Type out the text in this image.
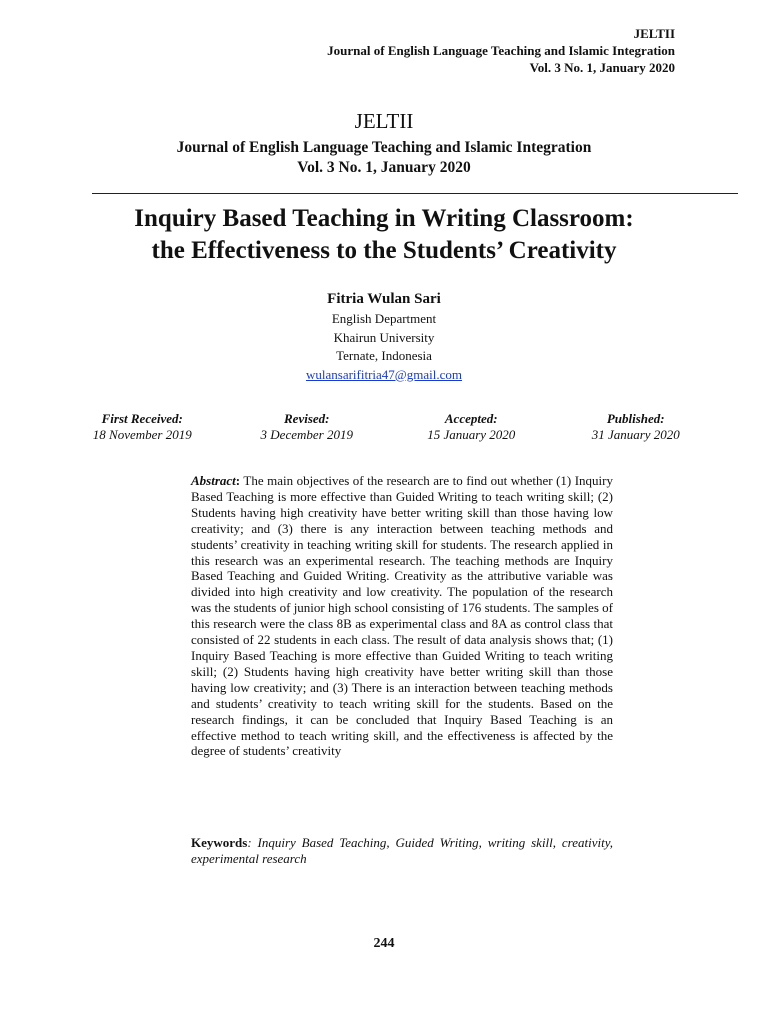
JELTII
Journal of English Language Teaching and Islamic Integration
Vol. 3 No. 1, January 2020
JELTII
Journal of English Language Teaching and Islamic Integration
Vol. 3 No. 1, January 2020
Inquiry Based Teaching in Writing Classroom:
the Effectiveness to the Students’ Creativity
Fitria Wulan Sari
English Department
Khairun University
Ternate, Indonesia
wulansarifitria47@gmail.com
First Received:
18 November 2019
Revised:
3 December 2019
Accepted:
15 January 2020
Published:
31 January 2020
Abstract: The main objectives of the research are to find out whether (1) Inquiry Based Teaching is more effective than Guided Writing to teach writing skill; (2) Students having high creativity have better writing skill than those having low creativity; and (3) there is any interaction between teaching methods and students’ creativity in teaching writing skill for students. The research applied in this research was an experimental research. The teaching methods are Inquiry Based Teaching and Guided Writing. Creativity as the attributive variable was divided into high creativity and low creativity. The population of the research was the students of junior high school consisting of 176 students. The samples of this research were the class 8B as experimental class and 8A as control class that consisted of 22 students in each class. The result of data analysis shows that; (1) Inquiry Based Teaching is more effective than Guided Writing to teach writing skill; (2) Students having high creativity have better writing skill than those having low creativity; and (3) There is an interaction between teaching methods and students’ creativity to teach writing skill for the students. Based on the research findings, it can be concluded that Inquiry Based Teaching is an effective method to teach writing skill, and the effectiveness is affected by the degree of students’ creativity
Keywords: Inquiry Based Teaching, Guided Writing, writing skill, creativity, experimental research
244
